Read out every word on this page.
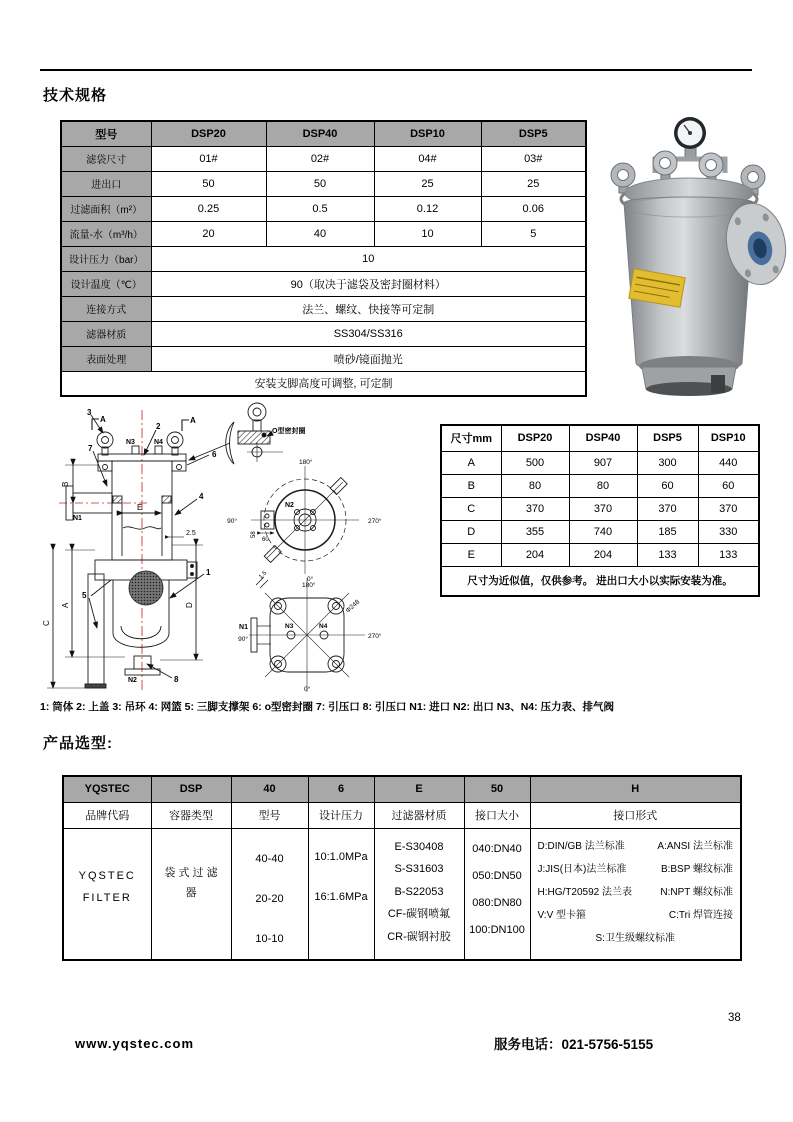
技术规格
型号	DSP20	DSP40	DSP10	DSP5
滤袋尺寸	01#	02#	04#	03#
进出口	50	50	25	25
过滤面积（m²）	0.25	0.5	0.12	0.06
流量-水（m³/h）	20	40	10	5
设计压力（bar）	10			
设计温度（℃）	90（取决于滤袋及密封圈材料）			
连接方式	法兰、螺纹、快接等可定制			
滤器材质	SS304/SS316			
表面处理	喷砂/镜面抛光			
安装支脚高度可调整, 可定制				
3
2
7
6
4
1
5
8
N3	N4
N1
N2
A	A
B
A
C
D
E
2.5
O型密封圈
180°
90°	270°
0°
N2
60
58
180°
90°	270°
0°
N1	N3	N4
Φ248
1.5
尺寸mm	DSP20	DSP40	DSP5	DSP10
A	500	907	300	440
B	80	80	60	60
C	370	370	370	370
D	355	740	185	330
E	204	204	133	133
尺寸为近似值，仅供参考。 进出口大小以实际安装为准。				
1: 筒体 2: 上盖 3: 吊环 4: 网篮 5: 三脚支撑架 6: o型密封圈 7: 引压口 8: 引压口 N1: 进口 N2: 出口 N3、N4: 压力表、排气阀
产品选型:
YQSTEC	DSP	40	6	E	50	H
品牌代码	容器类型	型号	设计压力	过滤器材质	接口大小	接口形式

YQSTEC
FILTER

袋 式 过 滤 器

40-40
20-20
10-10

10:1.0MPa
16:1.6MPa

E-S30408
S-S31603
B-S22053
CF-碳钢喷氟
CR-碳钢衬胶

040:DN40
050:DN50
080:DN80
100:DN100

D:DIN/GB 法兰标准	A:ANSI 法兰标准
J:JIS(日本)法兰标准	B:BSP 螺纹标准
H:HG/T20592 法兰表	N:NPT 螺纹标准
V:V 型卡箍	C:Tri 焊管连接
S:卫生级螺纹标准
38
www.yqstec.com	服务电话：021-5756-5155
